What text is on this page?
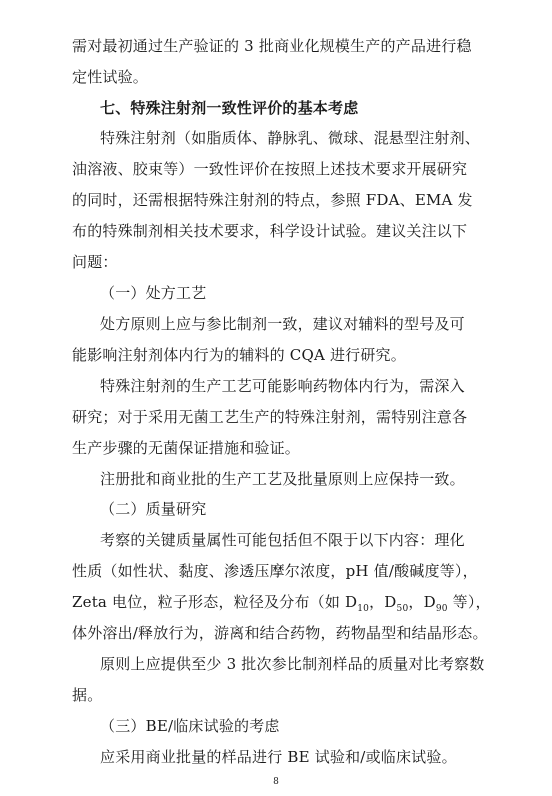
需对最初通过生产验证的 3 批商业化规模生产的产品进行稳
定性试验。
七、特殊注射剂一致性评价的基本考虑
特殊注射剂（如脂质体、静脉乳、微球、混悬型注射剂、
油溶液、胶束等）一致性评价在按照上述技术要求开展研究
的同时，还需根据特殊注射剂的特点，参照 FDA、EMA 发
布的特殊制剂相关技术要求，科学设计试验。建议关注以下
问题：
（一）处方工艺
处方原则上应与参比制剂一致，建议对辅料的型号及可
能影响注射剂体内行为的辅料的 CQA 进行研究。
特殊注射剂的生产工艺可能影响药物体内行为，需深入
研究；对于采用无菌工艺生产的特殊注射剂，需特别注意各
生产步骤的无菌保证措施和验证。
注册批和商业批的生产工艺及批量原则上应保持一致。
（二）质量研究
考察的关键质量属性可能包括但不限于以下内容：理化
性质（如性状、黏度、渗透压摩尔浓度，pH 值/酸碱度等），
Zeta 电位，粒子形态，粒径及分布（如 $D_{10}$，$D_{50}$，$D_{90}$ 等），
体外溶出/释放行为，游离和结合药物，药物晶型和结晶形态。
原则上应提供至少 3 批次参比制剂样品的质量对比考察数
据。
（三）BE/临床试验的考虑
应采用商业批量的样品进行 BE 试验和/或临床试验。
8
